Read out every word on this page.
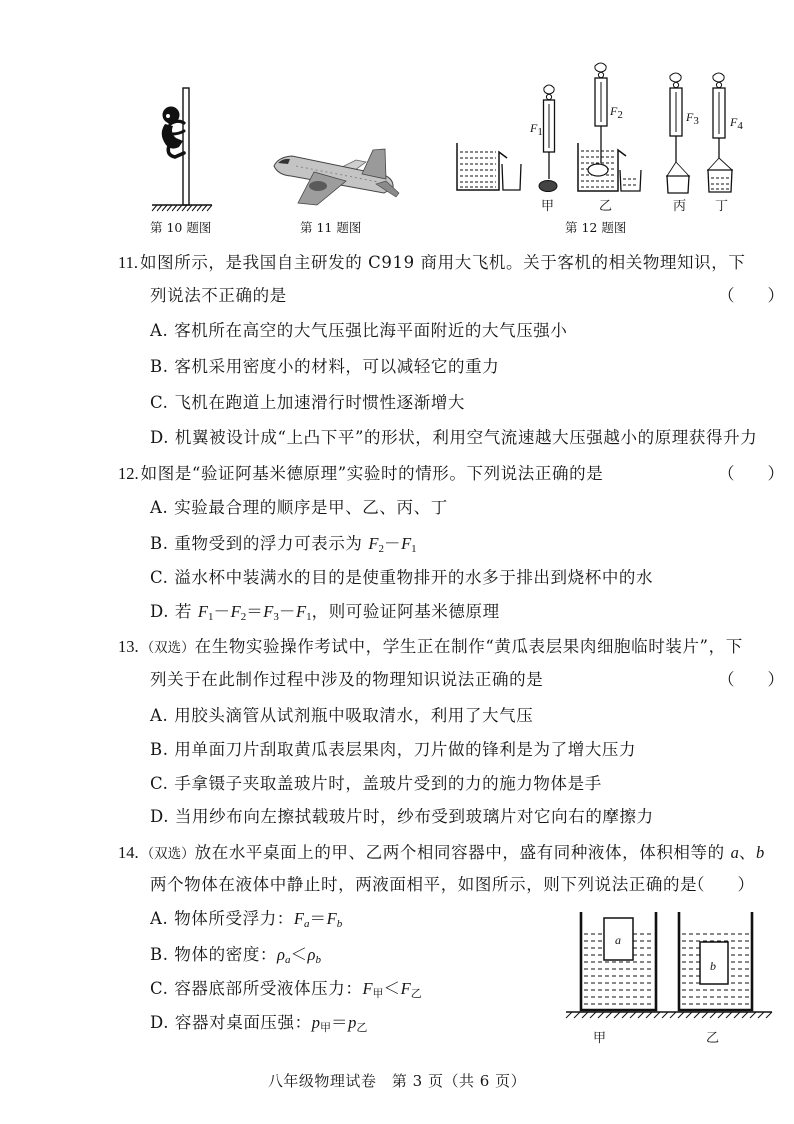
$F_1$
$F_2$	$F_3$	$F_4$
甲	乙	丙 丁
第 10 题图	第 11 题图	第 12 题图
11. 如图所示，是我国自主研发的 C919 商用大飞机。关于客机的相关物理知识，下
列说法不正确的是	（　　）
A. 客机所在高空的大气压强比海平面附近的大气压强小
B. 客机采用密度小的材料，可以减轻它的重力
C. 飞机在跑道上加速滑行时惯性逐渐增大
D. 机翼被设计成“上凸下平”的形状，利用空气流速越大压强越小的原理获得升力
12. 如图是“验证阿基米德原理”实验时的情形。下列说法正确的是	（　　）
A. 实验最合理的顺序是甲、乙、丙、丁
B. 重物受到的浮力可表示为 $F_2-F_1$
C. 溢水杯中装满水的目的是使重物排开的水多于排出到烧杯中的水
D. 若 $F_1-F_2=F_3-F_1$，则可验证阿基米德原理
13. （双选）在生物实验操作考试中，学生正在制作“黄瓜表层果肉细胞临时装片”，下
列关于在此制作过程中涉及的物理知识说法正确的是	（　　）
A. 用胶头滴管从试剂瓶中吸取清水，利用了大气压
B. 用单面刀片刮取黄瓜表层果肉，刀片做的锋利是为了增大压力
C. 手拿镊子夹取盖玻片时，盖玻片受到的力的施力物体是手
D. 当用纱布向左擦拭载玻片时，纱布受到玻璃片对它向右的摩擦力
14. （双选）放在水平桌面上的甲、乙两个相同容器中，盛有同种液体，体积相等的 a、b
两个物体在液体中静止时，两液面相平，如图所示，则下列说法正确的是
（　　）
A. 物体所受浮力：$F_a=F_b$
B. 物体的密度：$\rho_a<\rho_b$
C. 容器底部所受液体压力：$F_甲<F_乙$
D. 容器对桌面压强：$p_甲=p_乙$
a
b
甲	乙
八年级物理试卷　第 3 页（共 6 页）
